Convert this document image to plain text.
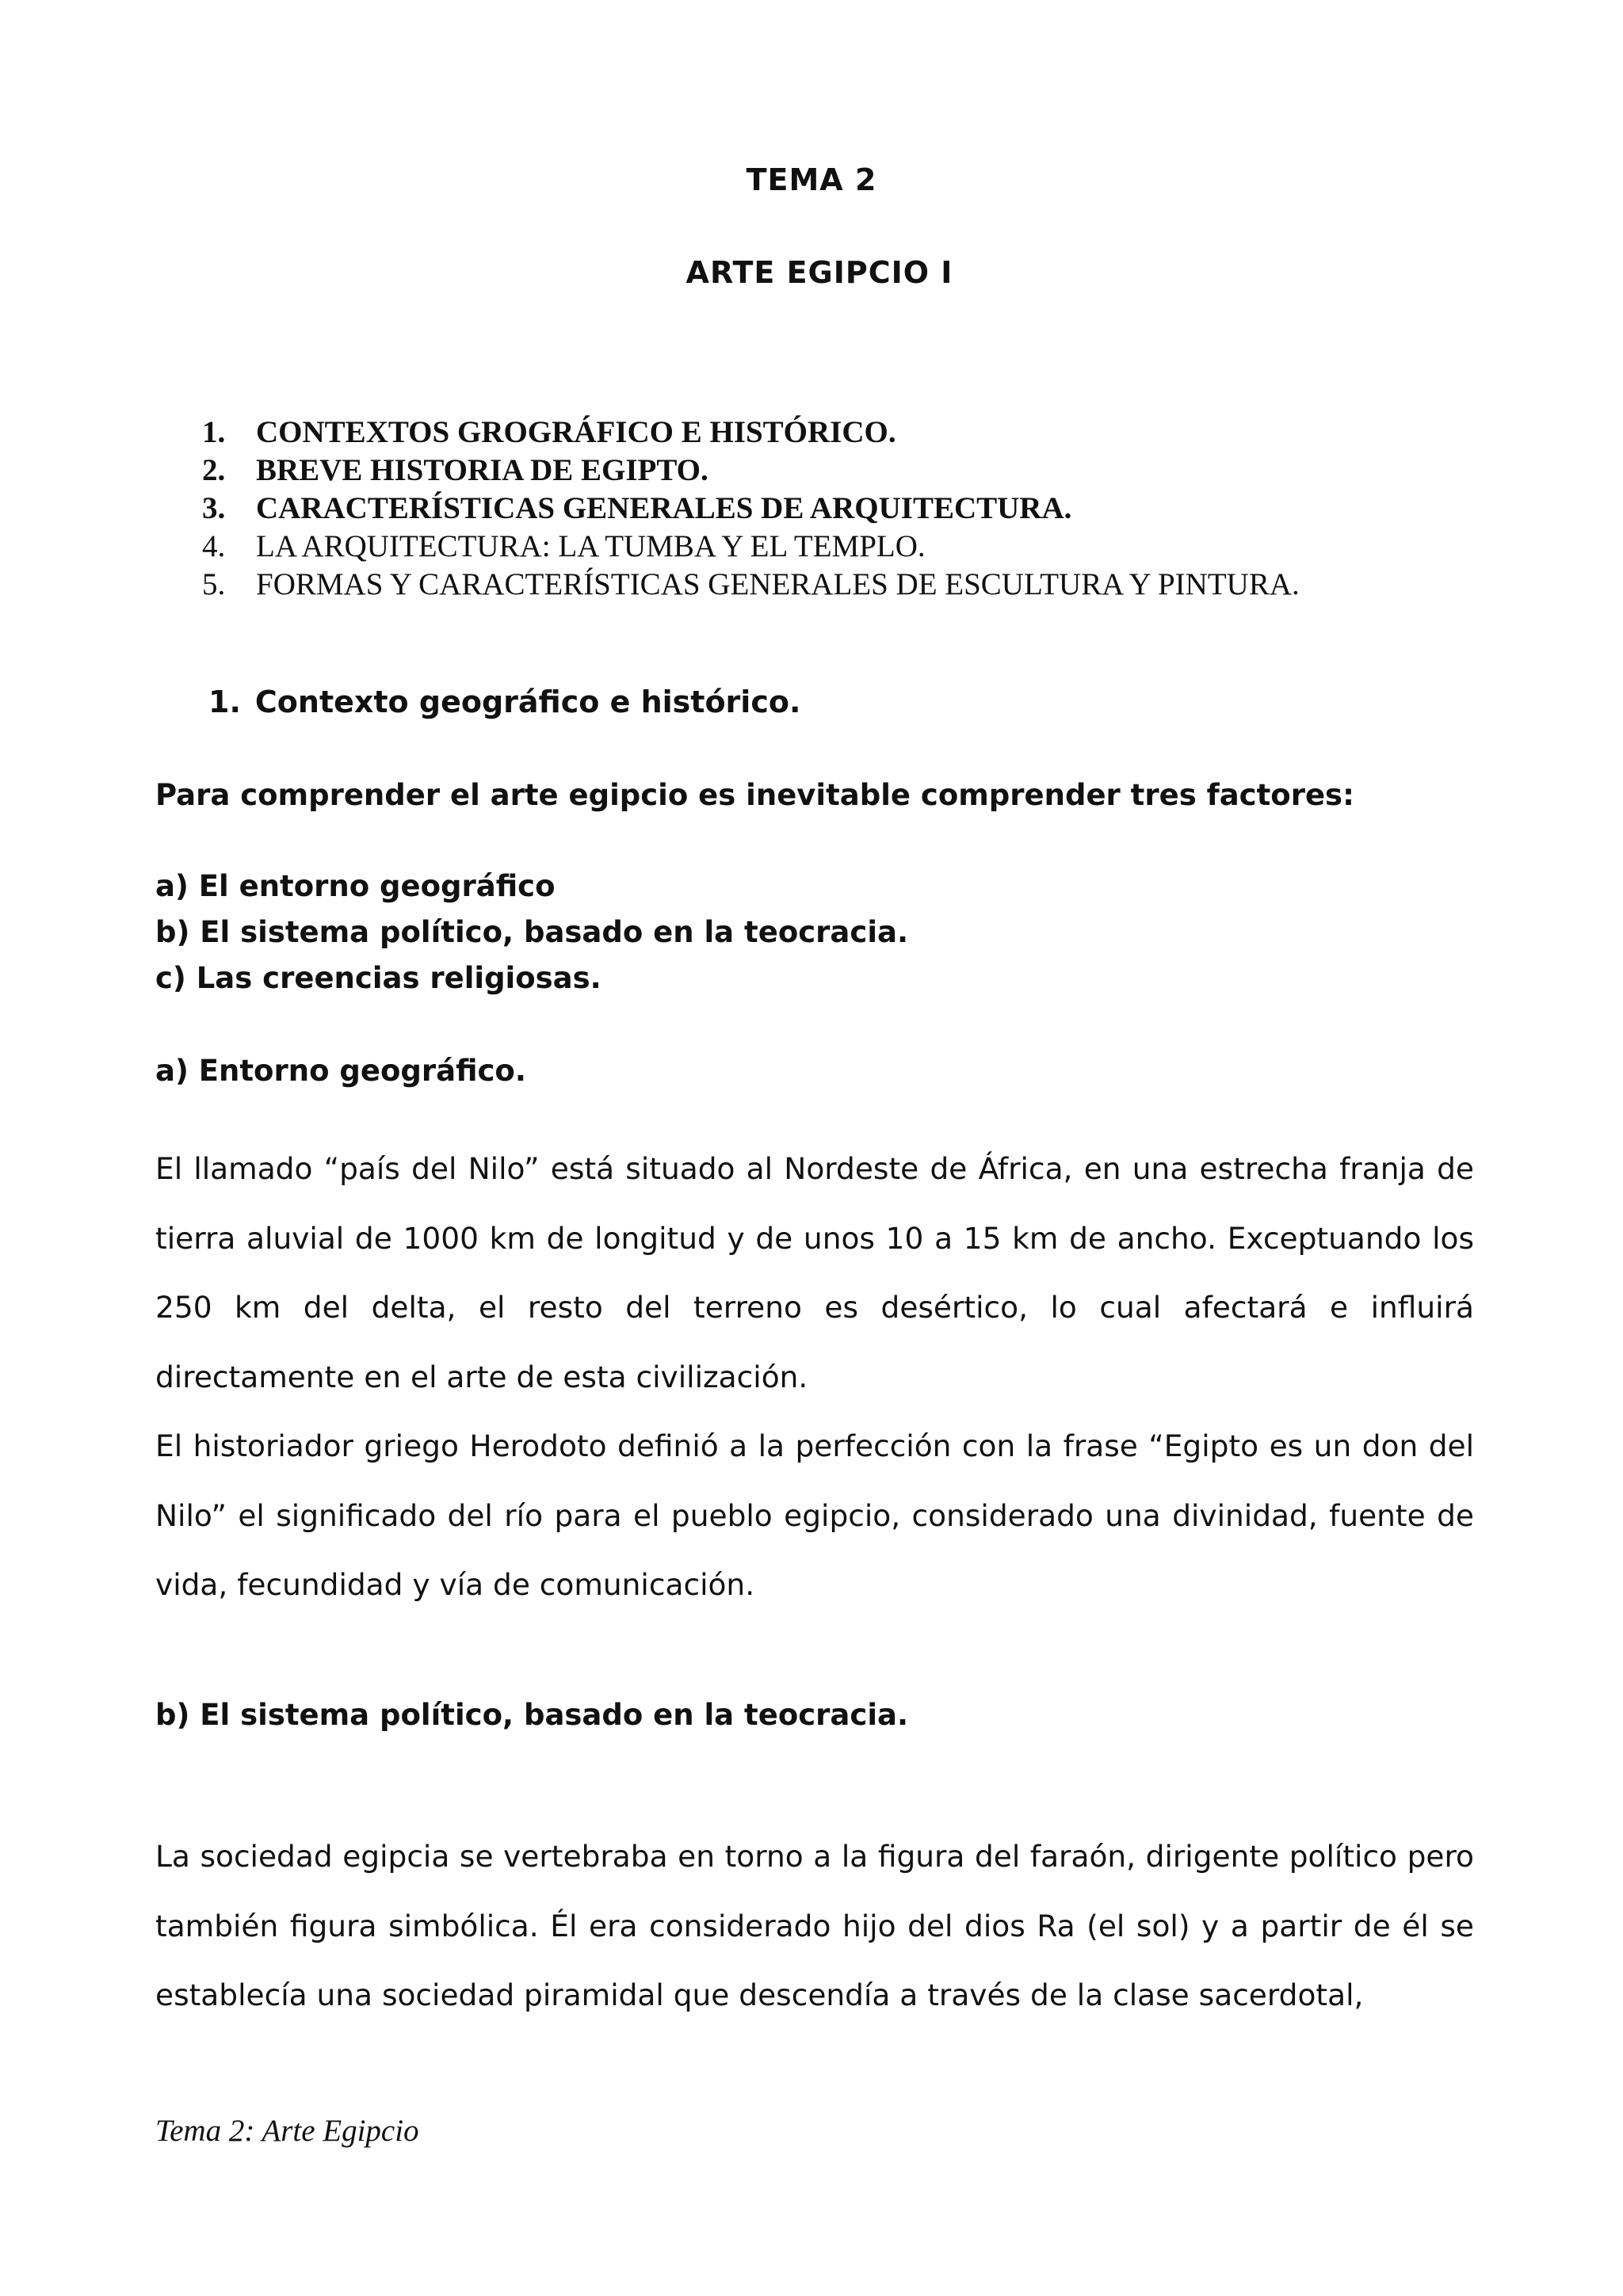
TEMA 2
ARTE EGIPCIO I
1. CONTEXTOS GROGRÁFICO E HISTÓRICO.
2. BREVE HISTORIA DE EGIPTO.
3. CARACTERÍSTICAS GENERALES DE ARQUITECTURA.
4. LA ARQUITECTURA: LA TUMBA Y EL TEMPLO.
5. FORMAS Y CARACTERÍSTICAS GENERALES DE ESCULTURA Y PINTURA.
1. Contexto geográfico e histórico.

Para comprender el arte egipcio es inevitable comprender tres factores:

a) El entorno geográfico

b) El sistema político, basado en la teocracia.

c) Las creencias religiosas.

a) Entorno geográfico.

El llamado “país del Nilo” está situado al Nordeste de África, en una estrecha franja de tierra aluvial de 1000 km de longitud y de unos 10 a 15 km de ancho. Exceptuando los 250 km del delta, el resto del terreno es desértico, lo cual afectará e influirá directamente en el arte de esta civilización.

El historiador griego Herodoto definió a la perfección con la frase “Egipto es un don del Nilo” el significado del río para el pueblo egipcio, considerado una divinidad, fuente de vida, fecundidad y vía de comunicación.

b) El sistema político, basado en la teocracia.

La sociedad egipcia se vertebraba en torno a la figura del faraón, dirigente político pero también figura simbólica. Él era considerado hijo del dios Ra (el sol) y a partir de él se establecía una sociedad piramidal que descendía a través de la clase sacerdotal,

Tema 2: Arte Egipcio
